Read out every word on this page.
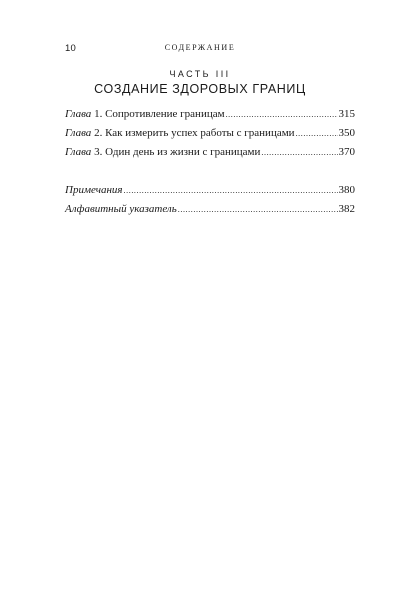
10	СОДЕРЖАНИЕ
ЧАСТЬ III
СОЗДАНИЕ ЗДОРОВЫХ ГРАНИЦ
Глава 1. Сопротивление границам .....	315
Глава 2. Как измерить успех работы с границами .....	350
Глава 3. Один день из жизни с границами .....	370
Примечания .....	380
Алфавитный указатель .....	382
